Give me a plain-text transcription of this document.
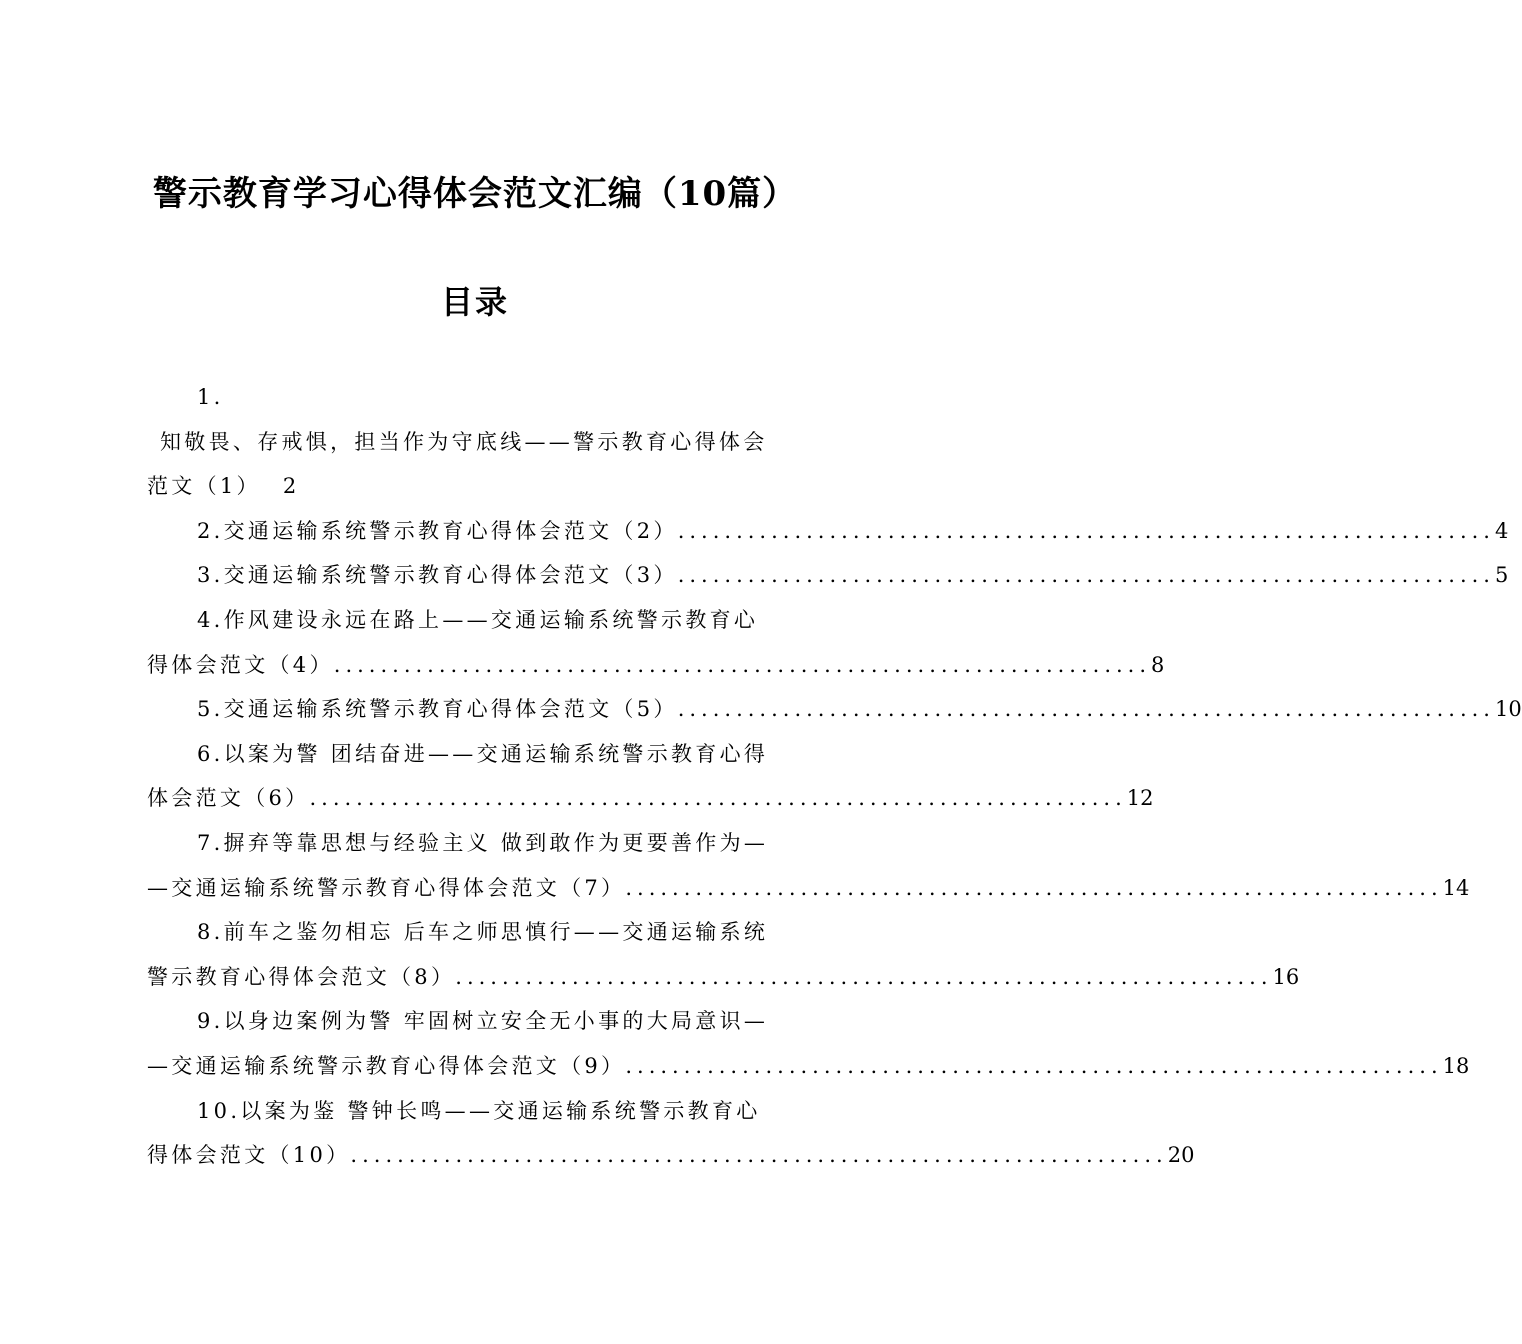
警示教育学习心得体会范文汇编（10篇）
目录
1.
知敬畏、存戒惧，担当作为守底线——警示教育心得体会
范文（1） 2
2.交通运输系统警示教育心得体会范文（2） ...................................................................... 4
3.交通运输系统警示教育心得体会范文（3） ...................................................................... 5
4.作风建设永远在路上——交通运输系统警示教育心
得体会范文（4） ...................................................................... 8
5.交通运输系统警示教育心得体会范文（5） ...................................................................... 10
6.以案为警 团结奋进——交通运输系统警示教育心得
体会范文（6） ...................................................................... 12
7.摒弃等靠思想与经验主义 做到敢作为更要善作为—
—交通运输系统警示教育心得体会范文（7） ...................................................................... 14
8.前车之鉴勿相忘 后车之师思慎行——交通运输系统
警示教育心得体会范文（8） ...................................................................... 16
9.以身边案例为警 牢固树立安全无小事的大局意识—
—交通运输系统警示教育心得体会范文（9） ...................................................................... 18
10.以案为鉴 警钟长鸣——交通运输系统警示教育心
得体会范文（10） ...................................................................... 20
